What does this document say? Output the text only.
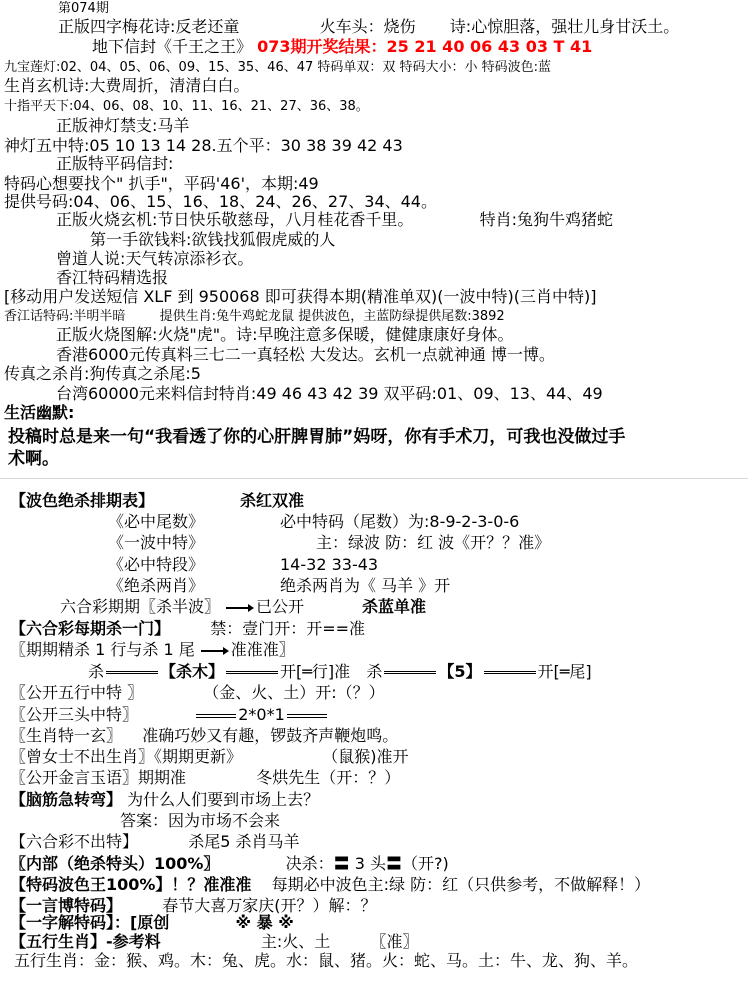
第074期
正版四字梅花诗:反老还童	火车头：烧伤 诗:心惊胆落，强壮儿身甘沃土。
地下信封《千王之王》 073期开奖结果：25 21 40 06 43 03 T 41
九宝莲灯:02、04、05、06、09、15、35、46、47 特码单双：双 特码大小：小 特码波色:蓝
生肖玄机诗:大费周折，清清白白。
十指平天下:04、06、08、10、11、16、21、27、36、38。
正版神灯禁支:马羊
神灯五中特:05 10 13 14 28.五个平：30 38 39 42 43
正版特平码信封:
特码心想要找个" 扒手"，平码'46'，本期:49
提供号码:04、06、15、16、18、24、26、27、34、44。
正版火烧玄机:节日快乐敬慈母，八月桂花香千里。	特肖:兔狗牛鸡猪蛇
第一手欲钱料:欲钱找狐假虎威的人
曾道人说:天气转凉添衫衣。
香江特码精选报
[移动用户发送短信 XLF 到 950068 即可获得本期(精准单双)(一波中特)(三肖中特)]
香江话特码:半明半暗	提供生肖:兔牛鸡蛇龙鼠 提供波色，主蓝防绿提供尾数:3892
正版火烧图解:火烧"虎"。诗:早晚注意多保暖，健健康康好身体。
香港6000元传真料三七二一真轻松 大发达。玄机一点就神通 博一博。
传真之杀肖:狗传真之杀尾:5
台湾60000元来料信封特肖:49 46 43 42 39 双平码:01、09、13、44、49
生活幽默:
投稿时总是来一句“我看透了你的心肝脾胃肺”妈呀，你有手术刀，可我也没做过手术啊。
【波色绝杀排期表】	杀红双准
《必中尾数》	必中特码（尾数）为:8-9-2-3-0-6
《一波中特》	主：绿波 防：红 波《开？？准》
《必中特段》	14-32 33-43
《绝杀两肖》	绝杀两肖为《 马羊 》开
六合彩期期〖杀半波〗 已公开	杀蓝单准
【六合彩每期杀一门】	禁：壹门开：开==准
〖期期精杀 1 行与杀 1 尾 准准准〗
杀	【杀木】	开[═行]准 杀	【5】	开[═尾]
〖公开五行中特 〗	（金、火、土）开:（？）
〖公开三头中特〗	2*0*1
〖生肖特一玄〗 准确巧妙又有趣，锣鼓齐声鞭炮鸣。
〖曾女士不出生肖〗《期期更新》	（鼠猴)准开
〖公开金言玉语〗期期准	冬烘先生（开：？）
【脑筋急转弯】 为什么人们要到市场上去？
答案：因为市场不会来
【六合彩不出特】	杀尾5 杀肖马羊
〖内部（绝杀特头）100%〗	决杀：〓 3 头〓（开?)
【特码波色王100%】！？准准准 每期必中波色主:绿 防：红（只供参考，不做解释！）
【一言博特码】	春节大喜万家庆(开？）解：？
【一字解特码】：[原创	※ 暴 ※
【五行生肖】-参考料	主:火、土	〖准〗
五行生肖：金：猴、鸡。木：兔、虎。水：鼠、猪。火：蛇、马。土：牛、龙、狗、羊。
